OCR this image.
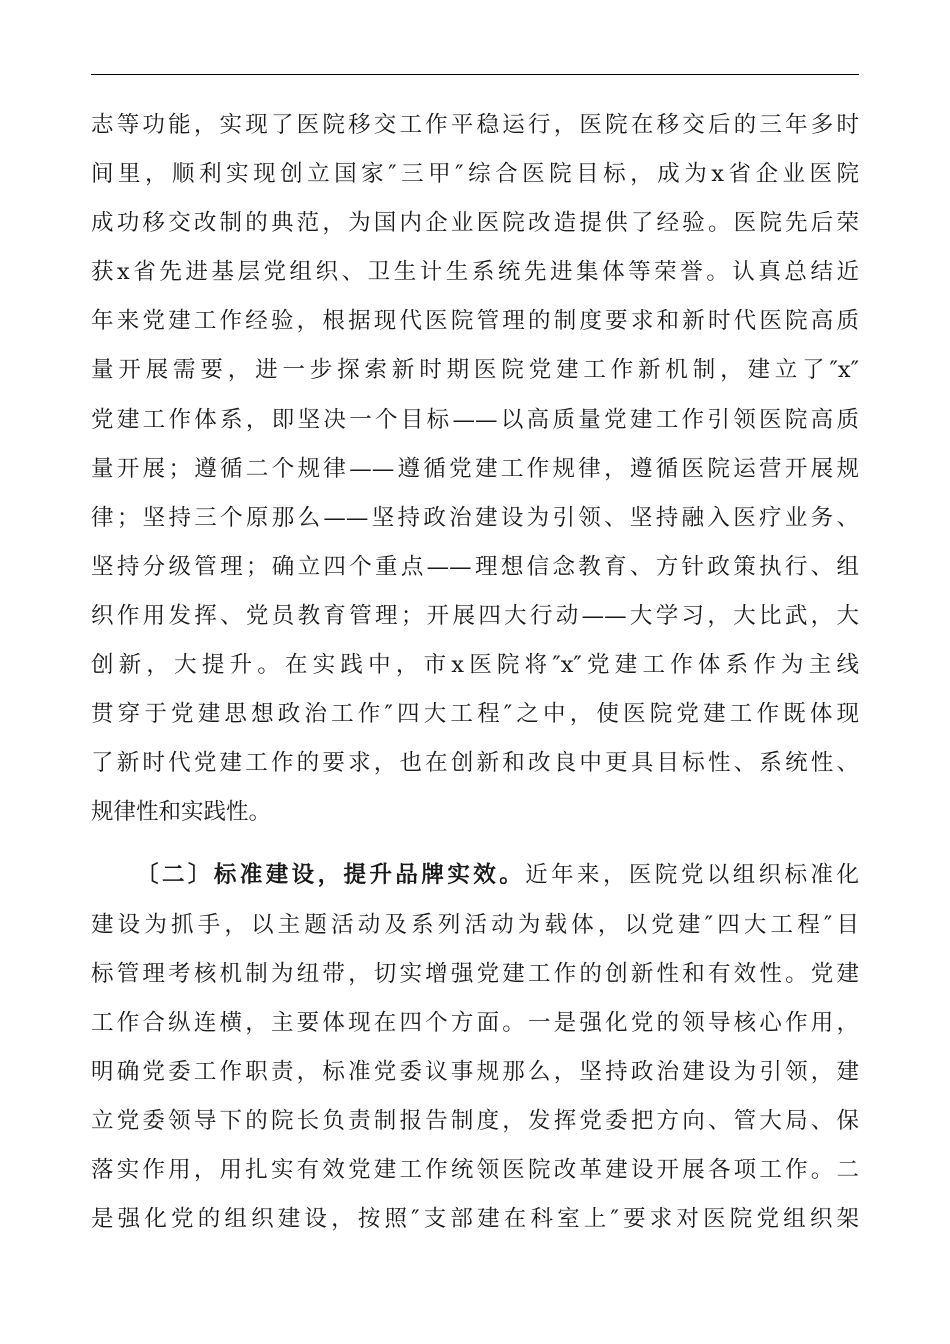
志等功能，实现了医院移交工作平稳运行，医院在移交后的三年多时
间里，顺利实现创立国家″三甲″综合医院目标，成为x省企业医院
成功移交改制的典范，为国内企业医院改造提供了经验。医院先后荣
获x省先进基层党组织、卫生计生系统先进集体等荣誉。认真总结近
年来党建工作经验，根据现代医院管理的制度要求和新时代医院高质
量开展需要，进一步探索新时期医院党建工作新机制，建立了″x″
党建工作体系，即坚决一个目标——以高质量党建工作引领医院高质
量开展；遵循二个规律——遵循党建工作规律，遵循医院运营开展规
律；坚持三个原那么——坚持政治建设为引领、坚持融入医疗业务、
坚持分级管理；确立四个重点——理想信念教育、方针政策执行、组
织作用发挥、党员教育管理；开展四大行动——大学习，大比武，大
创新，大提升。在实践中，市x医院将″x″党建工作体系作为主线
贯穿于党建思想政治工作″四大工程″之中，使医院党建工作既体现
了新时代党建工作的要求，也在创新和改良中更具目标性、系统性、
规律性和实践性。
〔二〕标准建设，提升品牌实效。近年来，医院党以组织标准化
建设为抓手，以主题活动及系列活动为载体，以党建″四大工程″目
标管理考核机制为纽带，切实增强党建工作的创新性和有效性。党建
工作合纵连横，主要体现在四个方面。一是强化党的领导核心作用，
明确党委工作职责，标准党委议事规那么，坚持政治建设为引领，建
立党委领导下的院长负责制报告制度，发挥党委把方向、管大局、保
落实作用，用扎实有效党建工作统领医院改革建设开展各项工作。二
是强化党的组织建设，按照″支部建在科室上″要求对医院党组织架
